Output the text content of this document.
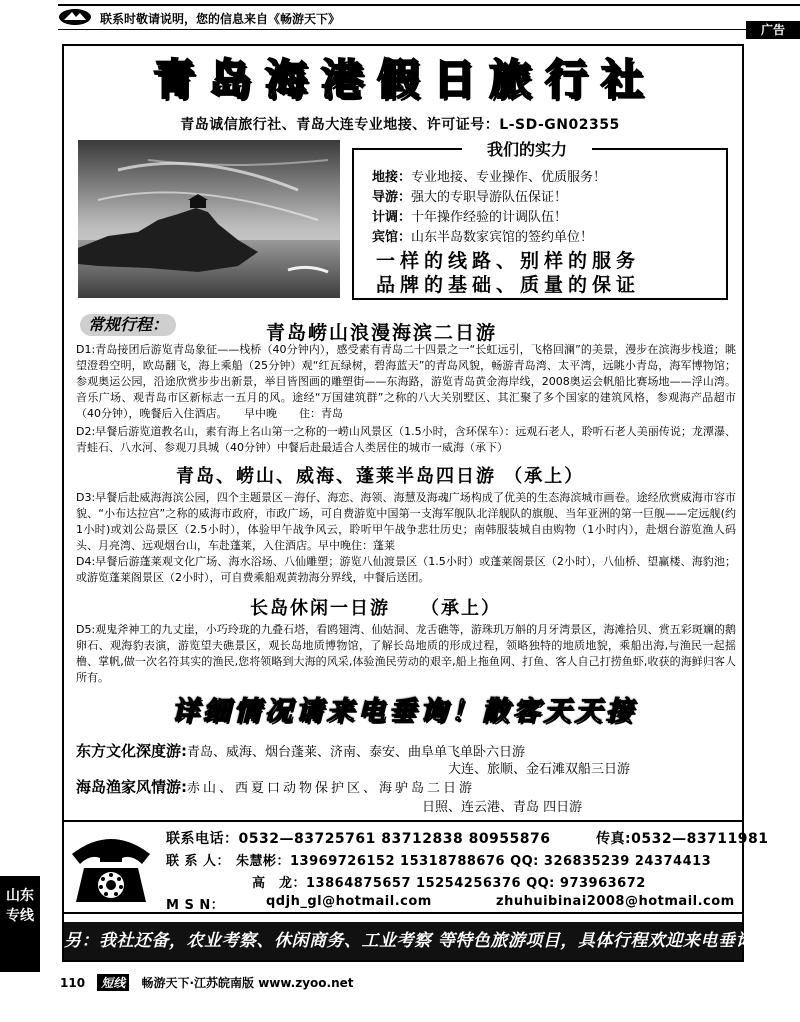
联系时敬请说明，您的信息来自《畅游天下》
广告
青岛海港假日旅行社
青岛诚信旅行社、青岛大连专业地接、许可证号：L-SD-GN02355
我们的实力
地接：专业地接、专业操作、优质服务！
导游：强大的专职导游队伍保证！
计调：十年操作经验的计调队伍！
宾馆：山东半岛数家宾馆的签约单位！
一样的线路、别样的服务
品牌的基础、质量的保证
常规行程：	青岛崂山浪漫海滨二日游
D1:青岛接团后游览青岛象征——栈桥（40分钟内），感受素有青岛二十四景之一“长虹远引，飞格回澜”的美景，漫步在滨海步栈道；眺望澄碧空明，欧岛翻飞，海上乘船（25分钟）观“红瓦绿树，碧海蓝天”的青岛风貌，畅游青岛湾、太平湾，远眺小青岛，海军博物馆；参观奥运公园，沿途欣赏步步出新景，举目皆图画的雕塑街——东海路，游览青岛黄金海岸线，2008奥运会帆船比赛场地——浮山湾。音乐广场、观青岛市区新标志一五月的风。途经“万国建筑群”之称的八大关别墅区、其汇聚了多个国家的建筑风格，参观海产品超市（40分钟），晚餐后入住酒店。　　早中晚　　住：青岛
D2:早餐后游览道教名山，素有海上名山第一之称的一崂山风景区（1.5小时，含环保车）：远观石老人，聆听石老人美丽传说；龙潭瀑、青蛙石、八水河、参观刀具城（40分钟）中餐后赴最适合人类居住的城市一威海（承下）
青岛、崂山、威海、蓬莱半岛四日游 （承上）
D3:早餐后赴威海海滨公园，四个主题景区－海仔、海恋、海领、海慧及海魂广场构成了优美的生态海滨城市画卷。途经欣赏威海市容市貌、“小布达拉宫”之称的威海市政府，市政广场，可自费游览中国第一支海军舰队北洋舰队的旗舰、当年亚洲的第一巨舰——定远舰(约1小时)或刘公岛景区（2.5小时），体验甲午战争风云，聆听甲午战争悲壮历史；南韩服装城自由购物（1小时内），赴烟台游览渔人码头、月亮湾、远观烟台山，车赴蓬莱，入住酒店。早中晚住：蓬莱
D4:早餐后游蓬莱观文化广场、海水浴场、八仙雕塑；游览八仙渡景区（1.5小时）或蓬莱阁景区（2小时），八仙桥、望赢楼、海豹池；或游览蓬莱阁景区（2小时），可自费乘船观黄勃海分界线，中餐后送团。
长岛休闲一日游　　 （承上）
D5:观鬼斧神工的九丈崖，小巧玲珑的九叠石塔，看鸥翅湾、仙姑洞、龙舌礁等，游珠玑万斛的月牙湾景区，海滩拾贝、赏五彩斑斓的鹅卵石、观海豹表演，游览望夫礁景区，观长岛地质博物馆，了解长岛地质的形成过程，领略独特的地质地貌，乘船出海,与渔民一起摇橹、掌帆,做一次名符其实的渔民,您将领略到大海的风采,体验渔民劳动的艰辛,船上拖鱼网、打鱼、客人自己打捞鱼虾,收获的海鲜归客人所有。
详细情况请来电垂询！散客天天接
东方文化深度游:青岛、威海、烟台蓬莱、济南、泰安、曲阜单飞单卧六日游
大连、旅顺、金石滩双船三日游
海岛渔家风情游:赤山、西夏口动物保护区、海驴岛二日游
日照、连云港、青岛 四日游
联系电话：0532—83725761 83712838 80955876	传真:0532—83711981
联 系 人： 朱慧彬：13969726152 15318788676 QQ: 326835239 24374413
高　龙：13864875657 15254256376 QQ: 973963672
M S N：	qdjh_gl@hotmail.com	zhuhuibinai2008@hotmail.com
另：我社还备，农业考察、休闲商务、工业考察 等特色旅游项目，具体行程欢迎来电垂询。
山东专线
110 短线 畅游天下·江苏皖南版 www.zyoo.net
